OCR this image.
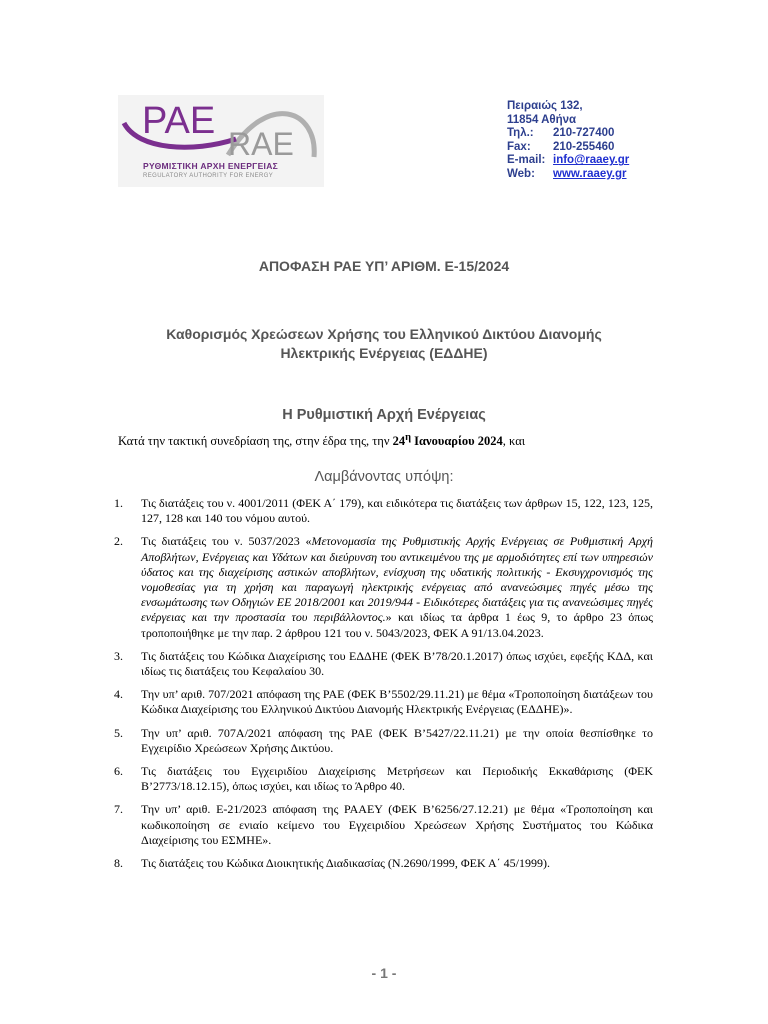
PAE
RAE
ΡΥΘΜΙΣΤΙΚΗ ΑΡΧΗ ΕΝΕΡΓΕΙΑΣ
REGULATORY AUTHORITY FOR ENERGY
Πειραιώς 132,
11854 Αθήνα
Τηλ.:	210-727400
Fax:	210-255460
E-mail: info@raaey.gr
Web:	www.raaey.gr
ΑΠΟΦΑΣΗ ΡΑΕ ΥΠ’ ΑΡΙΘΜ. Ε-15/2024
Καθορισμός Χρεώσεων Χρήσης του Ελληνικού Δικτύου Διανομής
Ηλεκτρικής Ενέργειας (ΕΔΔΗΕ)
Η Ρυθμιστική Αρχή Ενέργειας
Κατά την τακτική συνεδρίαση της, στην έδρα της, την $24^\eta$ Ιανουαρίου 2024, και
Λαμβάνοντας υπόψη:
1. Τις διατάξεις του ν. 4001/2011 (ΦΕΚ Α΄ 179), και ειδικότερα τις διατάξεις των άρθρων 15, 122, 123, 125, 127, 128 και 140 του νόμου αυτού.
2. Τις διατάξεις του ν. 5037/2023 «Μετονομασία της Ρυθμιστικής Αρχής Ενέργειας σε Ρυθμιστική Αρχή Αποβλήτων, Ενέργειας και Υδάτων και διεύρυνση του αντικειμένου της με αρμοδιότητες επί των υπηρεσιών ύδατος και της διαχείρισης αστικών αποβλήτων, ενίσχυση της υδατικής πολιτικής - Εκσυγχρονισμός της νομοθεσίας για τη χρήση και παραγωγή ηλεκτρικής ενέργειας από ανανεώσιμες πηγές μέσω της ενσωμάτωσης των Οδηγιών ΕΕ 2018/2001 και 2019/944 - Ειδικότερες διατάξεις για τις ανανεώσιμες πηγές ενέργειας και την προστασία του περιβάλλοντος.» και ιδίως τα άρθρα 1 έως 9, το άρθρο 23 όπως τροποποιήθηκε με την παρ. 2 άρθρου 121 του ν. 5043/2023, ΦΕΚ Α 91/13.04.2023.
3. Τις διατάξεις του Κώδικα Διαχείρισης του ΕΔΔΗΕ (ΦΕΚ Β’78/20.1.2017) όπως ισχύει, εφεξής ΚΔΔ, και ιδίως τις διατάξεις του Κεφαλαίου 30.
4. Την υπ’ αριθ. 707/2021 απόφαση της ΡΑΕ (ΦΕΚ Β’5502/29.11.21) με θέμα «Τροποποίηση διατάξεων του Κώδικα Διαχείρισης του Ελληνικού Δικτύου Διανομής Ηλεκτρικής Ενέργειας (ΕΔΔΗΕ)».
5. Την υπ’ αριθ. 707Α/2021 απόφαση της ΡΑΕ (ΦΕΚ Β’5427/22.11.21) με την οποία θεσπίσθηκε το Εγχειρίδιο Χρεώσεων Χρήσης Δικτύου.
6. Τις διατάξεις του Εγχειριδίου Διαχείρισης Μετρήσεων και Περιοδικής Εκκαθάρισης (ΦΕΚ Β’2773/18.12.15), όπως ισχύει, και ιδίως το Άρθρο 40.
7. Την υπ’ αριθ. Ε-21/2023 απόφαση της ΡΑΑΕΥ (ΦΕΚ Β’6256/27.12.21) με θέμα «Τροποποίηση και κωδικοποίηση σε ενιαίο κείμενο του Εγχειριδίου Χρεώσεων Χρήσης Συστήματος του Κώδικα Διαχείρισης του ΕΣΜΗΕ».
8. Τις διατάξεις του Κώδικα Διοικητικής Διαδικασίας (Ν.2690/1999, ΦΕΚ Α΄ 45/1999).
- 1 -
